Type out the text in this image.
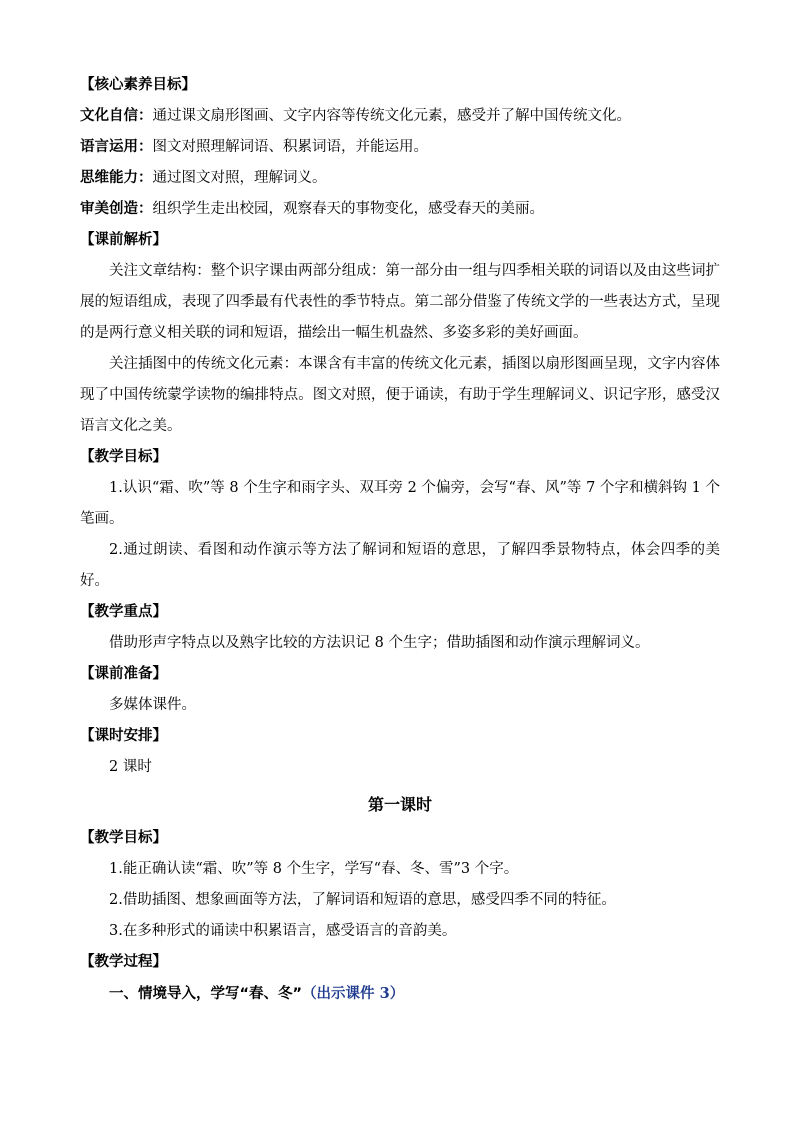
【核心素养目标】
文化自信：通过课文扇形图画、文字内容等传统文化元素，感受并了解中国传统文化。
语言运用：图文对照理解词语、积累词语，并能运用。
思维能力：通过图文对照，理解词义。
审美创造：组织学生走出校园，观察春天的事物变化，感受春天的美丽。
【课前解析】
关注文章结构：整个识字课由两部分组成：第一部分由一组与四季相关联的词语以及由这些词扩展的短语组成，表现了四季最有代表性的季节特点。第二部分借鉴了传统文学的一些表达方式，呈现的是两行意义相关联的词和短语，描绘出一幅生机盎然、多姿多彩的美好画面。
关注插图中的传统文化元素：本课含有丰富的传统文化元素，插图以扇形图画呈现，文字内容体现了中国传统蒙学读物的编排特点。图文对照，便于诵读，有助于学生理解词义、识记字形，感受汉语言文化之美。
【教学目标】
1.认识“霜、吹”等 8 个生字和雨字头、双耳旁 2 个偏旁，会写“春、风”等 7 个字和横斜钩 1 个笔画。
2.通过朗读、看图和动作演示等方法了解词和短语的意思，了解四季景物特点，体会四季的美好。
【教学重点】
借助形声字特点以及熟字比较的方法识记 8 个生字；借助插图和动作演示理解词义。
【课前准备】
多媒体课件。
【课时安排】
2 课时
第一课时
【教学目标】
1.能正确认读“霜、吹”等 8 个生字，学写“春、冬、雪”3 个字。
2.借助插图、想象画面等方法，了解词语和短语的意思，感受四季不同的特征。
3.在多种形式的诵读中积累语言，感受语言的音韵美。
【教学过程】
一、情境导入，学写“春、冬”（出示课件 3）
